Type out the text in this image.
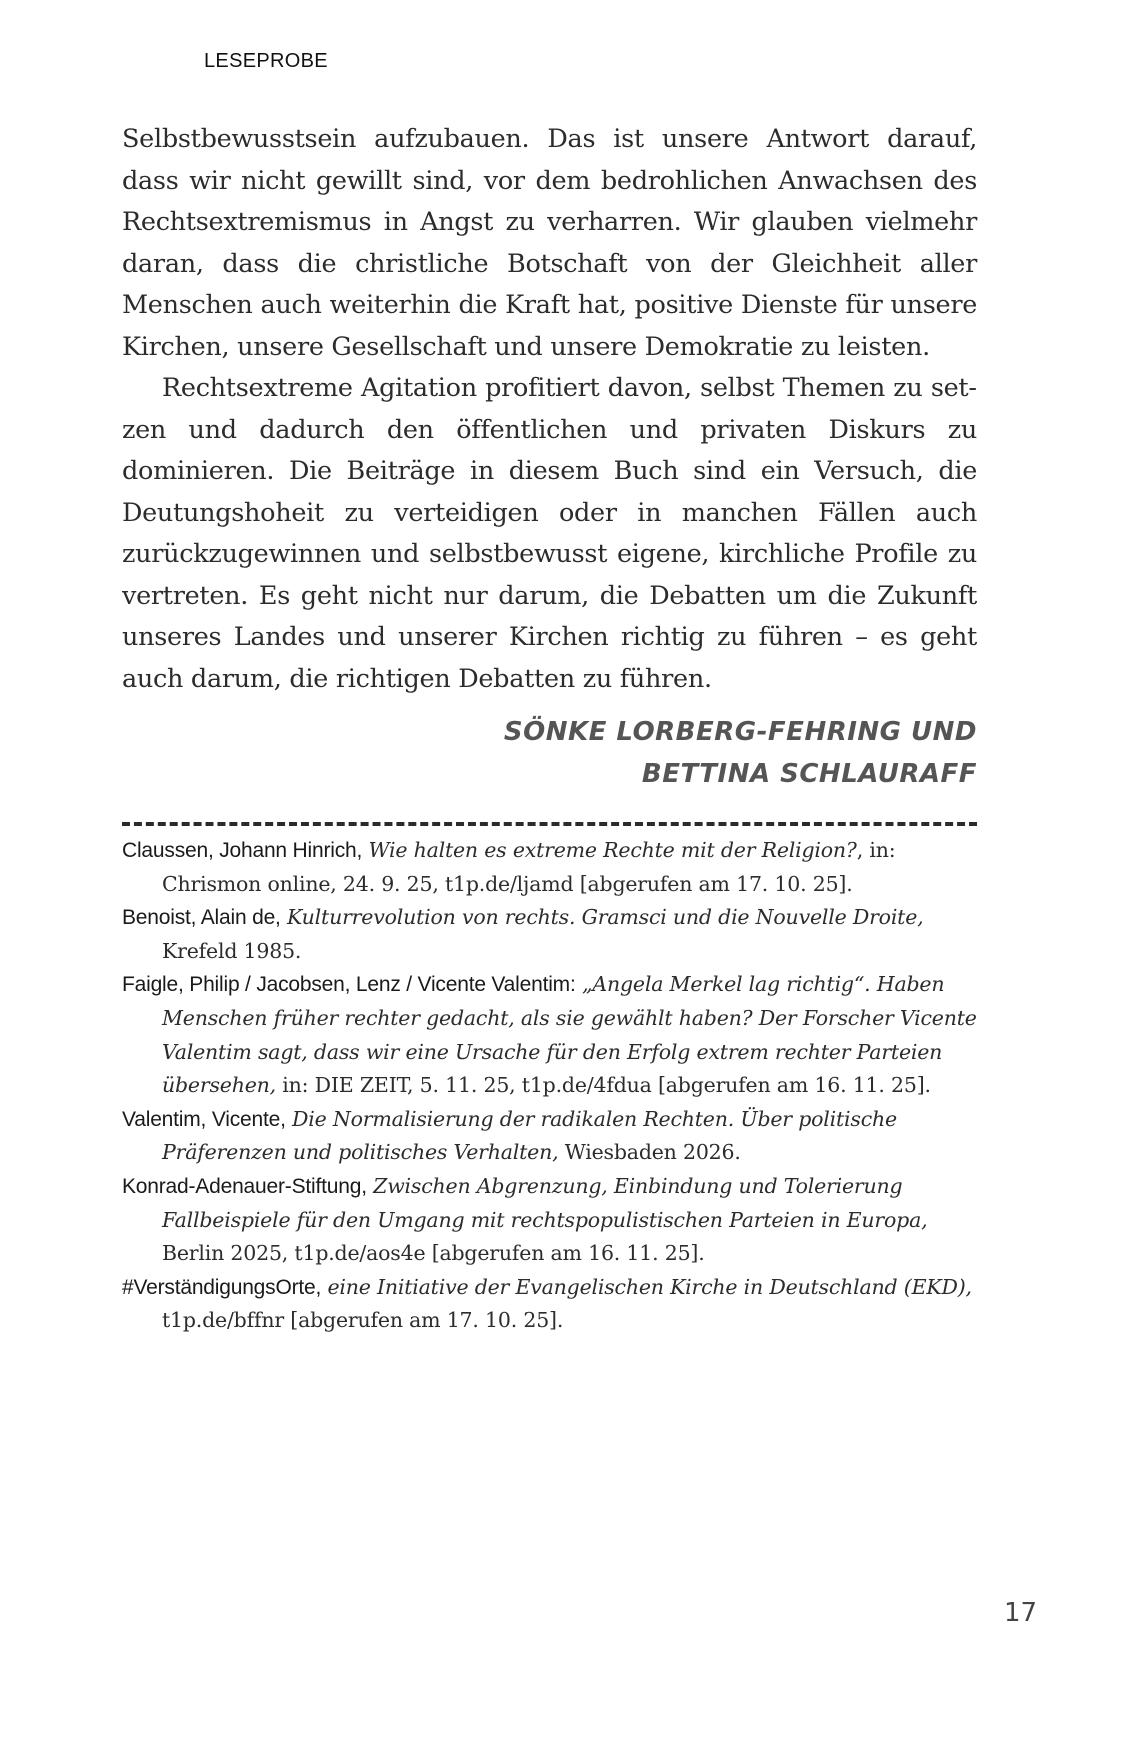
LESEPROBE

Selbstbewusstsein aufzubauen. Das ist unsere Antwort darauf, dass wir nicht gewillt sind, vor dem bedrohlichen Anwachsen des Rechtsextremismus in Angst zu verharren. Wir glauben vielmehr daran, dass die christliche Botschaft von der Gleichheit aller Menschen auch weiterhin die Kraft hat, positive Dienste für unsere Kirchen, unsere Gesellschaft und unsere Demokratie zu leisten.

Rechtsextreme Agitation profitiert davon, selbst Themen zu setzen und dadurch den öffentlichen und privaten Diskurs zu dominieren. Die Beiträge in diesem Buch sind ein Versuch, die Deutungshoheit zu verteidigen oder in manchen Fällen auch zurückzugewinnen und selbstbewusst eigene, kirchliche Profile zu vertreten. Es geht nicht nur darum, die Debatten um die Zukunft unseres Landes und unserer Kirchen richtig zu führen – es geht auch darum, die richtigen Debatten zu führen.

SÖNKE LORBERG-FEHRING UND
BETTINA SCHLAURAFF

Claussen, Johann Hinrich, Wie halten es extreme Rechte mit der Religion?, in: Chrismon online, 24. 9. 25, t1p.de/ljamd [abgerufen am 17. 10. 25].

Benoist, Alain de, Kulturrevolution von rechts. Gramsci und die Nouvelle Droite, Krefeld 1985.

Faigle, Philip / Jacobsen, Lenz / Vicente Valentim: „Angela Merkel lag richtig“. Haben Menschen früher rechter gedacht, als sie gewählt haben? Der Forscher Vicente Valentim sagt, dass wir eine Ursache für den Erfolg extrem rechter Parteien übersehen, in: DIE ZEIT, 5. 11. 25, t1p.de/4fdua [abgerufen am 16. 11. 25].

Valentim, Vicente, Die Normalisierung der radikalen Rechten. Über politische Präferenzen und politisches Verhalten, Wiesbaden 2026.

Konrad-Adenauer-Stiftung, Zwischen Abgrenzung, Einbindung und Tolerierung Fallbeispiele für den Umgang mit rechtspopulistischen Parteien in Europa, Berlin 2025, t1p.de/aos4e [abgerufen am 16. 11. 25].

#VerständigungsOrte, eine Initiative der Evangelischen Kirche in Deutschland (EKD), t1p.de/bffnr [abgerufen am 17. 10. 25].

17
